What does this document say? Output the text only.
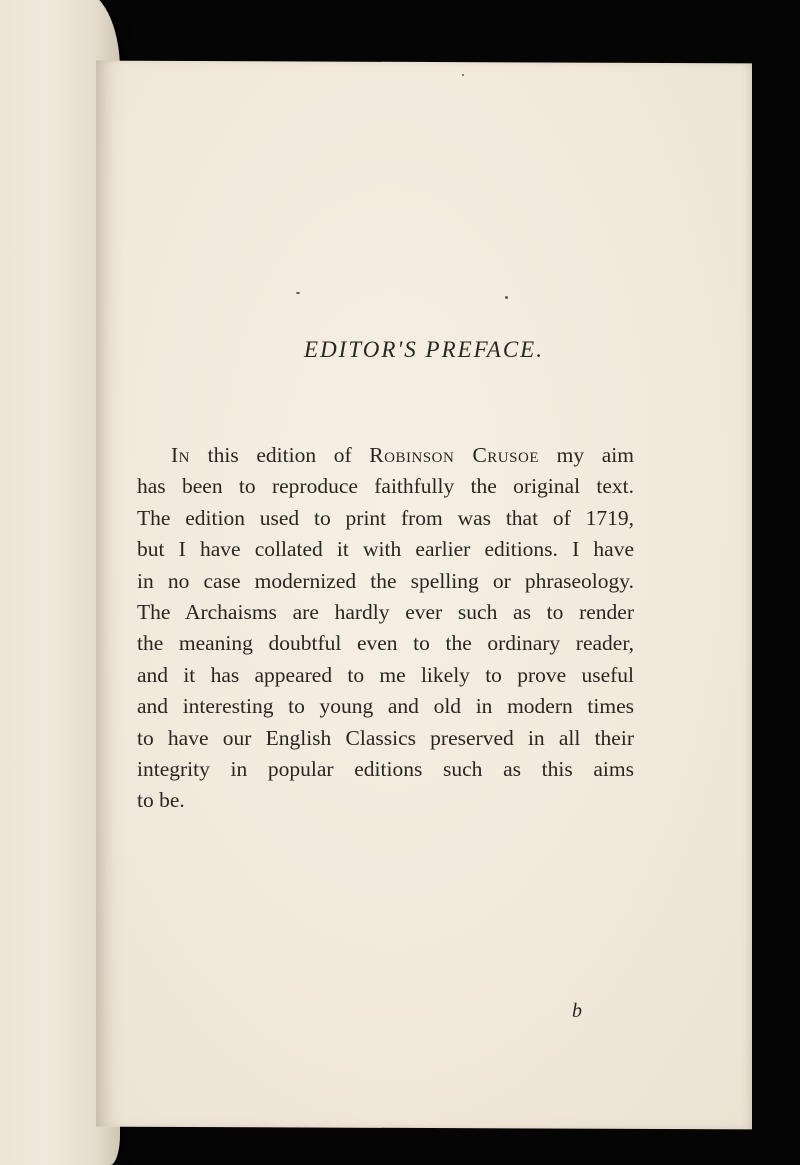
EDITOR'S PREFACE.
In this edition of Robinson Crusoe my aim
has been to reproduce faithfully the original text.
The edition used to print from was that of 1719,
but I have collated it with earlier editions. I have
in no case modernized the spelling or phraseology.
The Archaisms are hardly ever such as to render
the meaning doubtful even to the ordinary reader,
and it has appeared to me likely to prove useful
and interesting to young and old in modern times
to have our English Classics preserved in all their
integrity in popular editions such as this aims
to be.
b
